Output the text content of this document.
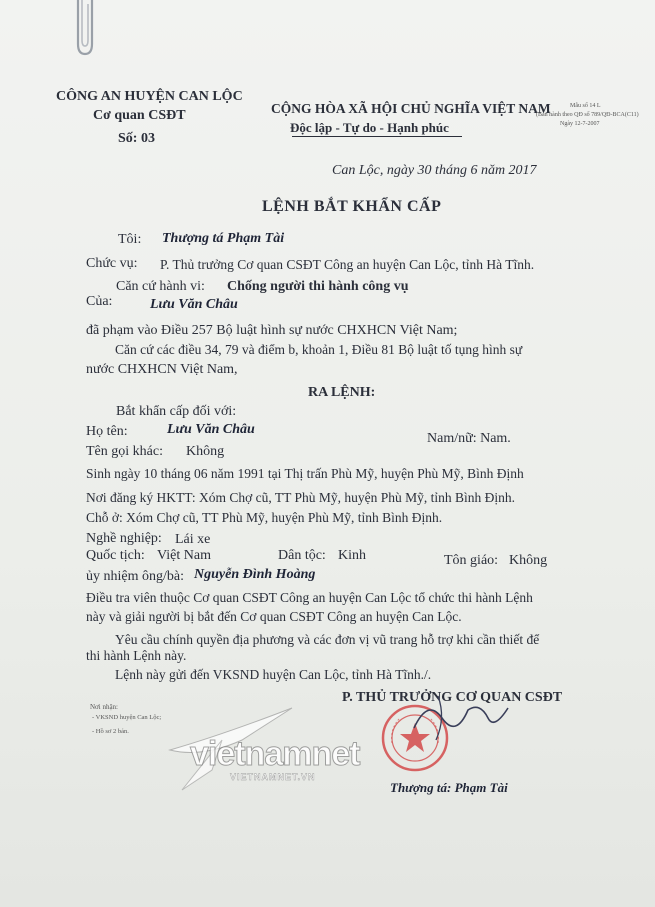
CÔNG AN HUYỆN CAN LỘC
Cơ quan CSĐT
Số: 03
CỘNG HÒA XÃ HỘI CHỦ NGHĨA VIỆT NAM
Độc lập - Tự do - Hạnh phúc
Mẫu số 14 L
(Ban hành theo QĐ số 789/QĐ-BCA(C11)
Ngày 12-7-2007
Can Lộc, ngày 30 tháng 6 năm 2017
LỆNH BẮT KHẨN CẤP
Tôi: Thượng tá Phạm Tài
Chức vụ: P. Thủ trưởng Cơ quan CSĐT Công an huyện Can Lộc, tỉnh Hà Tĩnh.
Căn cứ hành vi: Chống người thi hành công vụ
Của:	Lưu Văn Châu
đã phạm vào Điều 257 Bộ luật hình sự nước CHXHCN Việt Nam;
Căn cứ các điều 34, 79 và điểm b, khoản 1, Điều 81 Bộ luật tố tụng hình sự
nước CHXHCN Việt Nam,
RA LỆNH:
Bắt khẩn cấp đối với:
Họ tên:	Lưu Văn Châu
Nam/nữ: Nam.
Tên gọi khác: Không
Sinh ngày 10 tháng 06 năm 1991 tại Thị trấn Phù Mỹ, huyện Phù Mỹ, Bình Định
Nơi đăng ký HKTT: Xóm Chợ cũ, TT Phù Mỹ, huyện Phù Mỹ, tỉnh Bình Định.
Chỗ ở: Xóm Chợ cũ, TT Phù Mỹ, huyện Phù Mỹ, tỉnh Bình Định.
Nghề nghiệp: Lái xe
Quốc tịch: Việt Nam	Dân tộc: Kinh	Tôn giáo: Không
ủy nhiệm ông/bà: Nguyễn Đình Hoàng
Điều tra viên thuộc Cơ quan CSĐT Công an huyện Can Lộc tổ chức thi hành Lệnh
này và giải người bị bắt đến Cơ quan CSĐT Công an huyện Can Lộc.
Yêu cầu chính quyền địa phương và các đơn vị vũ trang hỗ trợ khi cần thiết để
thi hành Lệnh này.
Lệnh này gửi đến VKSND huyện Can Lộc, tỉnh Hà Tĩnh./.
Nơi nhận:
- VKSND huyện Can Lộc;
- Hồ sơ 2 bản.
P. THỦ TRƯỞNG CƠ QUAN CSĐT
Thượng tá: Phạm Tài
vietnamnet
VIETNAMNET.VN
